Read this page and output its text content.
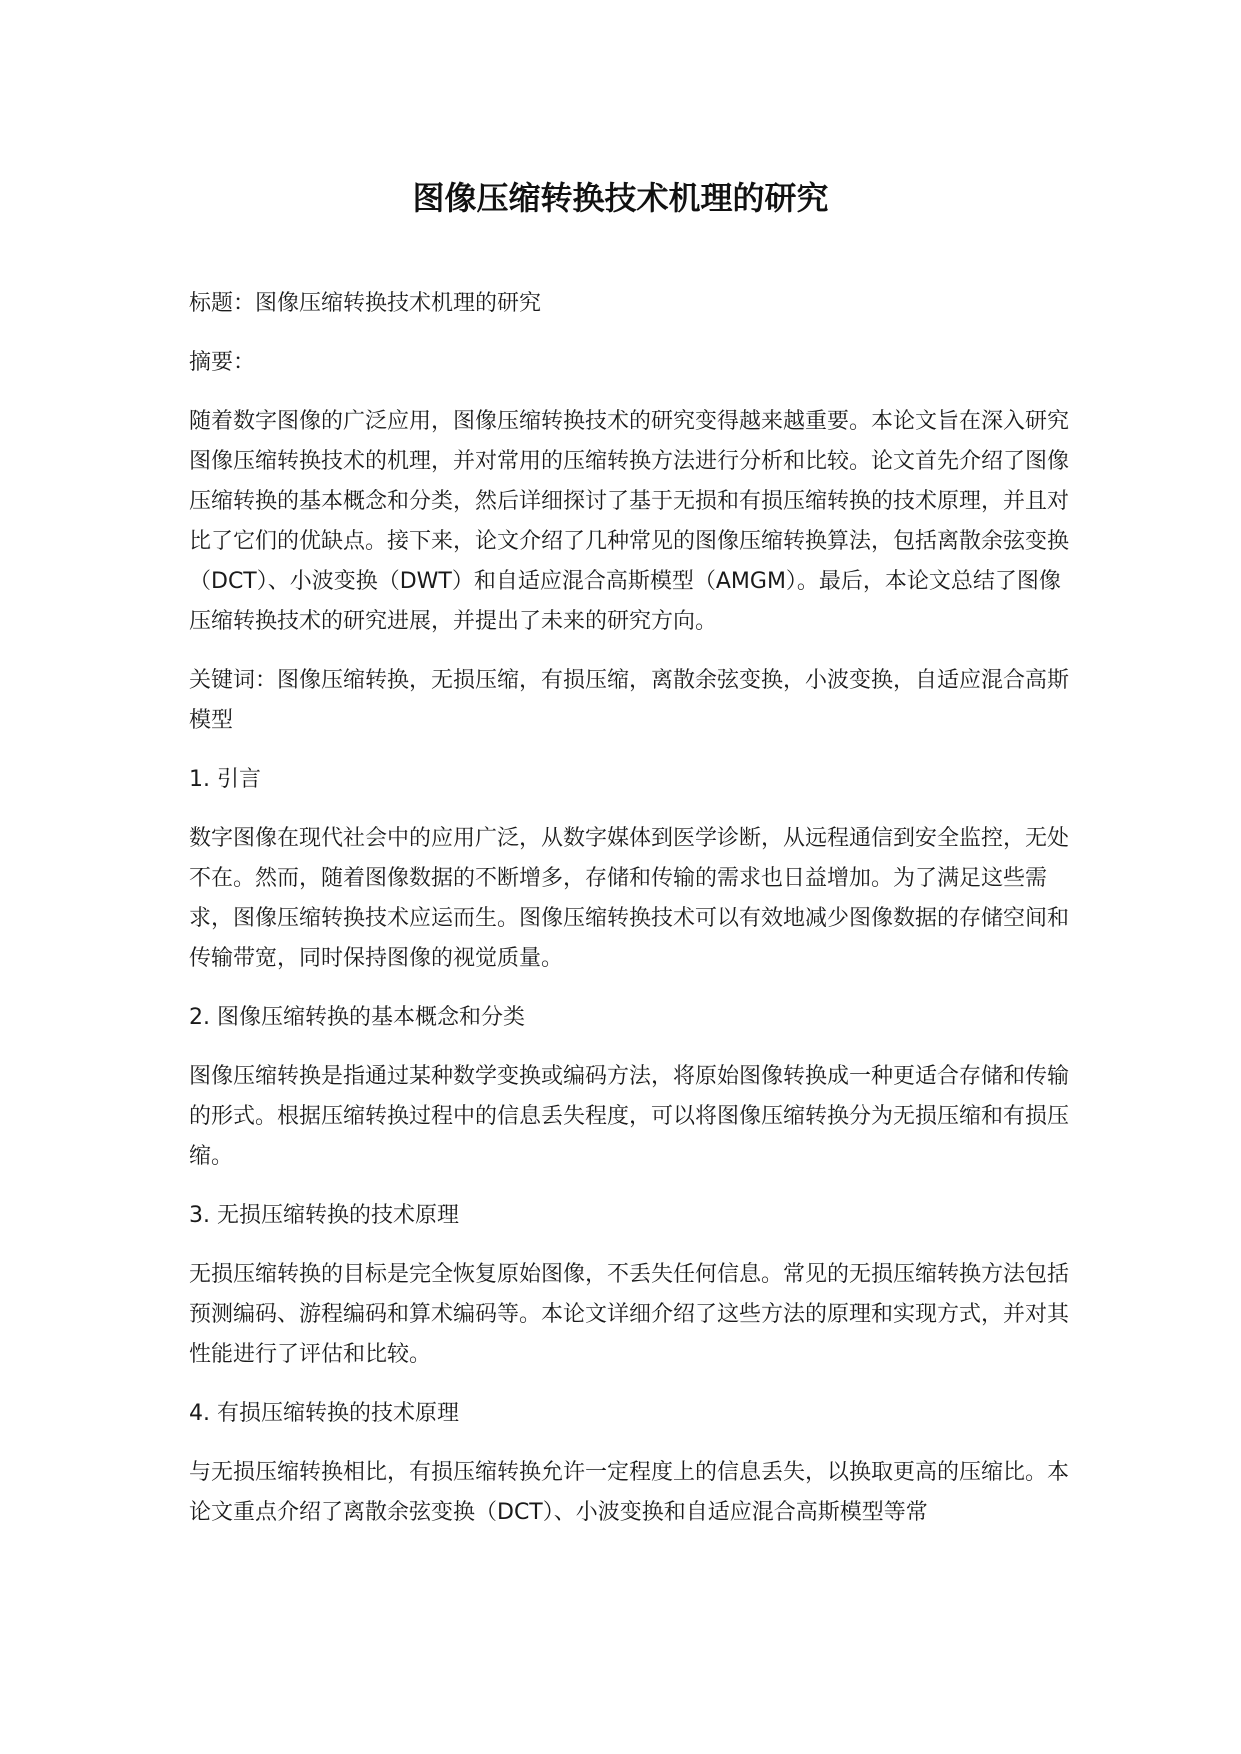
图像压缩转换技术机理的研究

标题：图像压缩转换技术机理的研究

摘要：

随着数字图像的广泛应用，图像压缩转换技术的研究变得越来越重要。本论文旨在深入研究图像压缩转换技术的机理，并对常用的压缩转换方法进行分析和比较。论文首先介绍了图像压缩转换的基本概念和分类，然后详细探讨了基于无损和有损压缩转换的技术原理，并且对比了它们的优缺点。接下来，论文介绍了几种常见的图像压缩转换算法，包括离散余弦变换（DCT）、小波变换（DWT）和自适应混合高斯模型（AMGM）。最后，本论文总结了图像压缩转换技术的研究进展，并提出了未来的研究方向。

关键词：图像压缩转换，无损压缩，有损压缩，离散余弦变换，小波变换，自适应混合高斯模型

1. 引言

数字图像在现代社会中的应用广泛，从数字媒体到医学诊断，从远程通信到安全监控，无处不在。然而，随着图像数据的不断增多，存储和传输的需求也日益增加。为了满足这些需求，图像压缩转换技术应运而生。图像压缩转换技术可以有效地减少图像数据的存储空间和传输带宽，同时保持图像的视觉质量。

2. 图像压缩转换的基本概念和分类

图像压缩转换是指通过某种数学变换或编码方法，将原始图像转换成一种更适合存储和传输的形式。根据压缩转换过程中的信息丢失程度，可以将图像压缩转换分为无损压缩和有损压缩。

3. 无损压缩转换的技术原理

无损压缩转换的目标是完全恢复原始图像，不丢失任何信息。常见的无损压缩转换方法包括预测编码、游程编码和算术编码等。本论文详细介绍了这些方法的原理和实现方式，并对其性能进行了评估和比较。

4. 有损压缩转换的技术原理

与无损压缩转换相比，有损压缩转换允许一定程度上的信息丢失，以换取更高的压缩比。本论文重点介绍了离散余弦变换（DCT）、小波变换和自适应混合高斯模型等常
